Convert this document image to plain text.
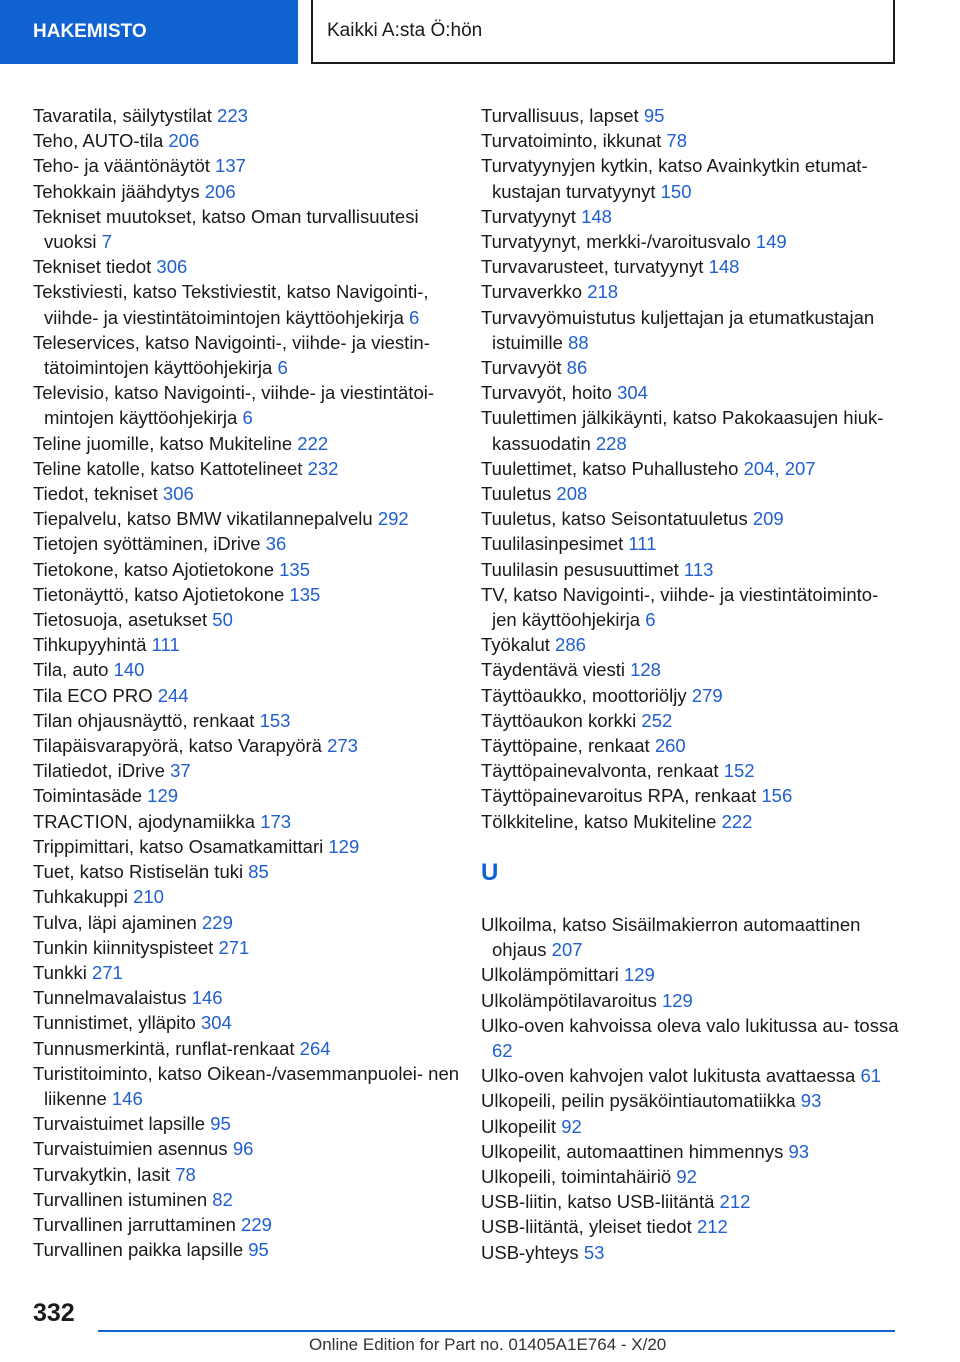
HAKEMISTO	Kaikki A:sta Ö:hön
Tavaratila, säilytystilat 223
Teho, AUTO-tila 206
Teho- ja vääntönäytöt 137
Tehokkain jäähdytys 206
Tekniset muutokset, katso Oman turvallisuutesi vuoksi 7
Tekniset tiedot 306
Tekstiviesti, katso Tekstiviestit, katso Navigointi-, viihde- ja viestintätoimintojen käyttöohjekirja 6
Teleservices, katso Navigointi-, viihde- ja viestin- tätoimintojen käyttöohjekirja 6
Televisio, katso Navigointi-, viihde- ja viestintätoi- mintojen käyttöohjekirja 6
Teline juomille, katso Mukiteline 222
Teline katolle, katso Kattotelineet 232
Tiedot, tekniset 306
Tiepalvelu, katso BMW vikatilannepalvelu 292
Tietojen syöttäminen, iDrive 36
Tietokone, katso Ajotietokone 135
Tietonäyttö, katso Ajotietokone 135
Tietosuoja, asetukset 50
Tihkupyyhintä 111
Tila, auto 140
Tila ECO PRO 244
Tilan ohjausnäyttö, renkaat 153
Tilapäisvarapyörä, katso Varapyörä 273
Tilatiedot, iDrive 37
Toimintasäde 129
TRACTION, ajodynamiikka 173
Trippimittari, katso Osamatkamittari 129
Tuet, katso Ristiselän tuki 85
Tuhkakuppi 210
Tulva, läpi ajaminen 229
Tunkin kiinnityspisteet 271
Tunkki 271
Tunnelmavalaistus 146
Tunnistimet, ylläpito 304
Tunnusmerkintä, runflat-renkaat 264
Turistitoiminto, katso Oikean-/vasemmanpuolei- nen liikenne 146
Turvaistuimet lapsille 95
Turvaistuimien asennus 96
Turvakytkin, lasit 78
Turvallinen istuminen 82
Turvallinen jarruttaminen 229
Turvallinen paikka lapsille 95
Turvallisuus, lapset 95
Turvatoiminto, ikkunat 78
Turvatyynyjen kytkin, katso Avainkytkin etumat- kustajan turvatyynyt 150
Turvatyynyt 148
Turvatyynyt, merkki-/varoitusvalo 149
Turvavarusteet, turvatyynyt 148
Turvaverkko 218
Turvavyömuistutus kuljettajan ja etumatkustajan istuimille 88
Turvavyöt 86
Turvavyöt, hoito 304
Tuulettimen jälkikäynti, katso Pakokaasujen hiuk- kassuodatin 228
Tuulettimet, katso Puhallusteho 204, 207
Tuuletus 208
Tuuletus, katso Seisontatuuletus 209
Tuulilasinpesimet 111
Tuulilasin pesusuuttimet 113
TV, katso Navigointi-, viihde- ja viestintätoiminto- jen käyttöohjekirja 6
Työkalut 286
Täydentävä viesti 128
Täyttöaukko, moottoriöljy 279
Täyttöaukon korkki 252
Täyttöpaine, renkaat 260
Täyttöpainevalvonta, renkaat 152
Täyttöpainevaroitus RPA, renkaat 156
Tölkkiteline, katso Mukiteline 222
U
Ulkoilma, katso Sisäilmakierron automaattinen ohjaus 207
Ulkolämpömittari 129
Ulkolämpötilavaroitus 129
Ulko-oven kahvoissa oleva valo lukitussa au- tossa 62
Ulko-oven kahvojen valot lukitusta avattaessa 61
Ulkopeili, peilin pysäköintiautomatiikka 93
Ulkopeilit 92
Ulkopeilit, automaattinen himmennys 93
Ulkopeili, toimintahäiriö 92
USB-liitin, katso USB-liitäntä 212
USB-liitäntä, yleiset tiedot 212
USB-yhteys 53
332
Online Edition for Part no. 01405A1E764 - X/20
